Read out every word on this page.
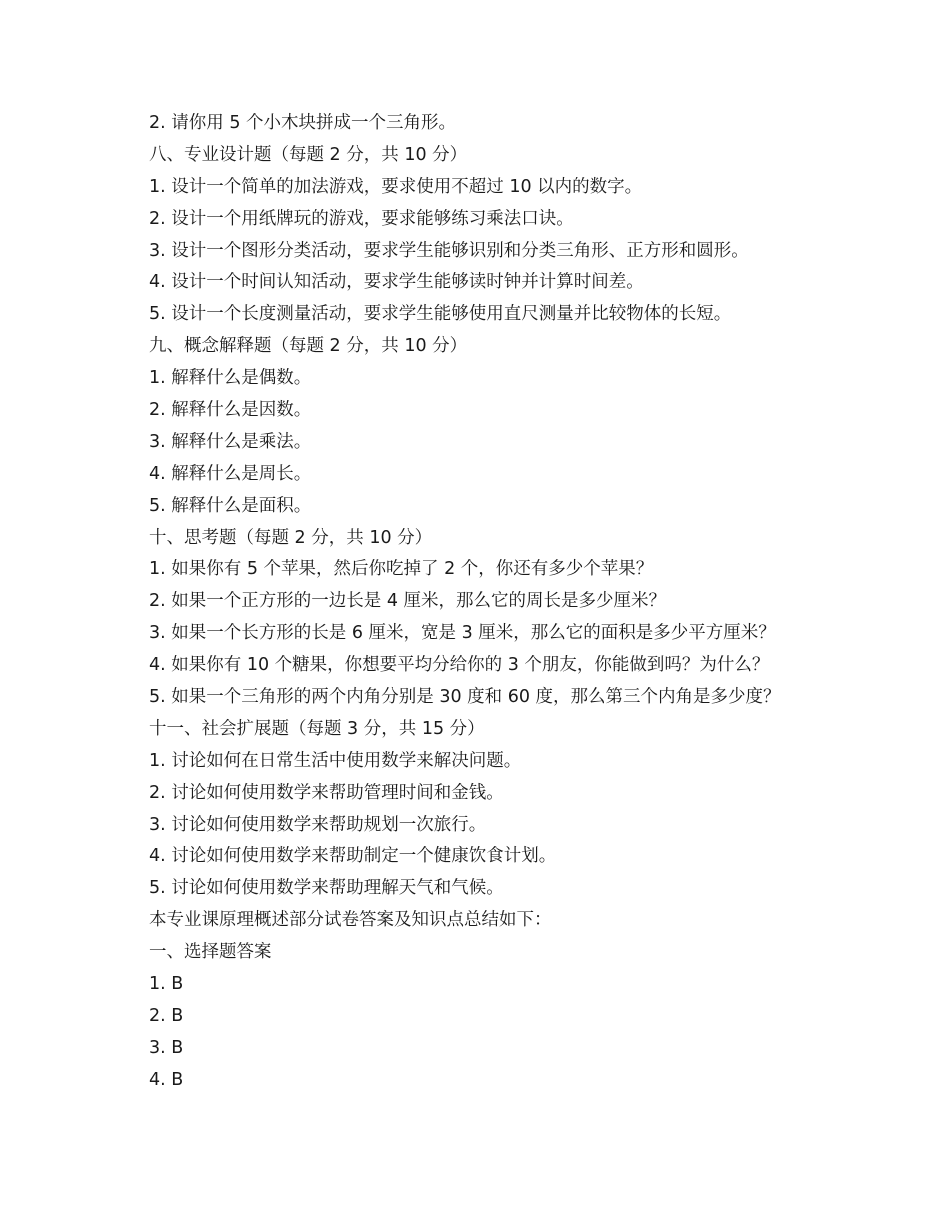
2. 请你用 5 个小木块拼成一个三角形。
八、专业设计题（每题 2 分，共 10 分）
1. 设计一个简单的加法游戏，要求使用不超过 10 以内的数字。
2. 设计一个用纸牌玩的游戏，要求能够练习乘法口诀。
3. 设计一个图形分类活动，要求学生能够识别和分类三角形、正方形和圆形。
4. 设计一个时间认知活动，要求学生能够读时钟并计算时间差。
5. 设计一个长度测量活动，要求学生能够使用直尺测量并比较物体的长短。
九、概念解释题（每题 2 分，共 10 分）
1. 解释什么是偶数。
2. 解释什么是因数。
3. 解释什么是乘法。
4. 解释什么是周长。
5. 解释什么是面积。
十、思考题（每题 2 分，共 10 分）
1. 如果你有 5 个苹果，然后你吃掉了 2 个，你还有多少个苹果？
2. 如果一个正方形的一边长是 4 厘米，那么它的周长是多少厘米？
3. 如果一个长方形的长是 6 厘米，宽是 3 厘米，那么它的面积是多少平方厘米？
4. 如果你有 10 个糖果，你想要平均分给你的 3 个朋友，你能做到吗？为什么？
5. 如果一个三角形的两个内角分别是 30 度和 60 度，那么第三个内角是多少度？
十一、社会扩展题（每题 3 分，共 15 分）
1. 讨论如何在日常生活中使用数学来解决问题。
2. 讨论如何使用数学来帮助管理时间和金钱。
3. 讨论如何使用数学来帮助规划一次旅行。
4. 讨论如何使用数学来帮助制定一个健康饮食计划。
5. 讨论如何使用数学来帮助理解天气和气候。
本专业课原理概述部分试卷答案及知识点总结如下：
一、选择题答案
1. B
2. B
3. B
4. B
